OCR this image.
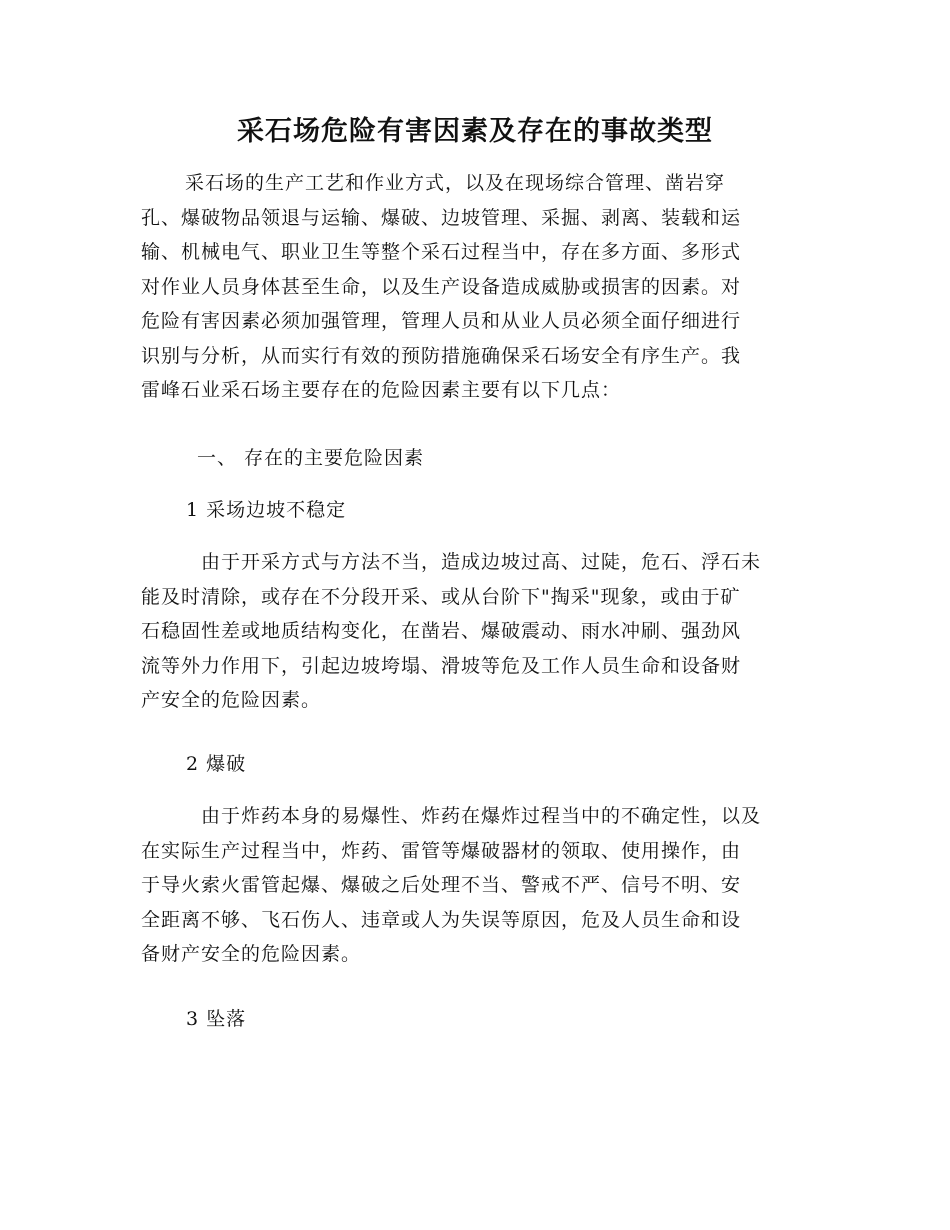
采石场危险有害因素及存在的事故类型
采石场的生产工艺和作业方式，以及在现场综合管理、凿岩穿
孔、爆破物品领退与运输、爆破、边坡管理、采掘、剥离、装载和运
输、机械电气、职业卫生等整个采石过程当中，存在多方面、多形式
对作业人员身体甚至生命，以及生产设备造成威胁或损害的因素。对
危险有害因素必须加强管理，管理人员和从业人员必须全面仔细进行
识别与分析，从而实行有效的预防措施确保采石场安全有序生产。我
雷峰石业采石场主要存在的危险因素主要有以下几点：
一、 存在的主要危险因素
1 采场边坡不稳定
由于开采方式与方法不当，造成边坡过高、过陡，危石、浮石未
能及时清除，或存在不分段开采、或从台阶下"掏采"现象，或由于矿
石稳固性差或地质结构变化，在凿岩、爆破震动、雨水冲刷、强劲风
流等外力作用下，引起边坡垮塌、滑坡等危及工作人员生命和设备财
产安全的危险因素。
2 爆破
由于炸药本身的易爆性、炸药在爆炸过程当中的不确定性，以及
在实际生产过程当中，炸药、雷管等爆破器材的领取、使用操作，由
于导火索火雷管起爆、爆破之后处理不当、警戒不严、信号不明、安
全距离不够、飞石伤人、违章或人为失误等原因，危及人员生命和设
备财产安全的危险因素。
3 坠落
